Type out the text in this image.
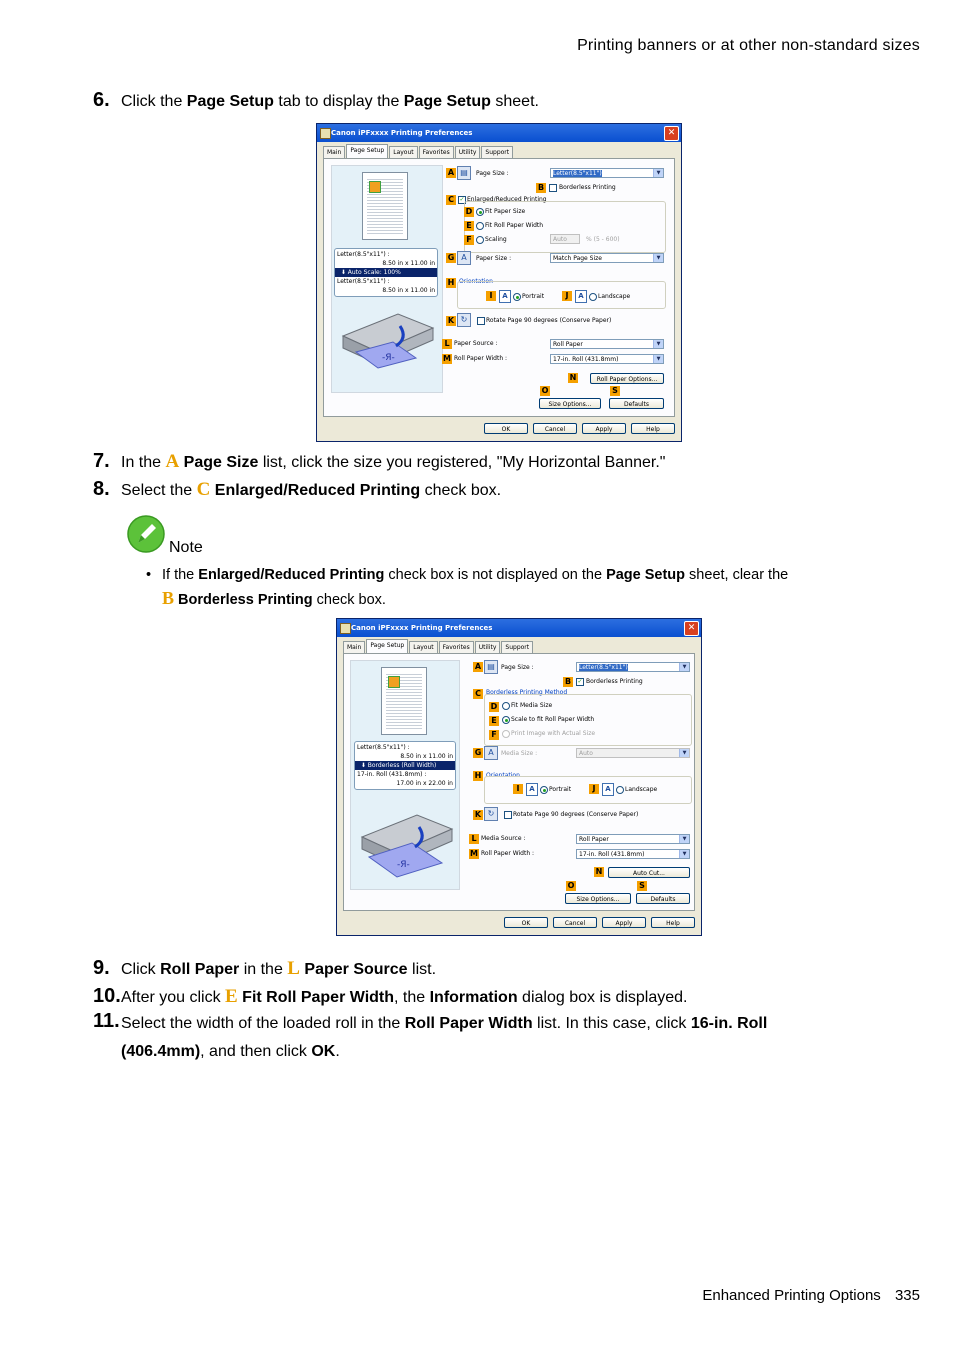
Printing banners or at other non-standard sizes
Enhanced Printing Options 335
6. Click the Page Setup tab to display the Page Setup sheet.
Canon iPFxxxx Printing Preferences	✕
Main	Page Setup	Layout	Favorites	Utility	Support
Letter(8.5"x11") :
8.50 in x 11.00 in
⬇ Auto Scale: 100%
Letter(8.5"x11") :
8.50 in x 11.00 in
-Я-
A ▤	Page Size :	Letter(8.5"x11")	▼
B	Borderless Printing
C ✓ Enlarged/Reduced Printing
D Fit Paper Size
E	Fit Roll Paper Width
F	Scaling	Auto	% (5 - 600)
G A	Paper Size :	Match Page Size	▼
H Orientation
I	A	Portrait	J	A	Landscape
K ↻	Rotate Page 90 degrees (Conserve Paper)
L Paper Source :	Roll Paper	▼
M Roll Paper Width :	17-in. Roll (431.8mm)	▼
N	Roll Paper Options...
O	S
Size Options...	Defaults
OK	Cancel	Apply	Help
7. In the A Page Size list, click the size you registered, "My Horizontal Banner."
8. Select the C Enlarged/Reduced Printing check box.
Note
• If the Enlarged/Reduced Printing check box is not displayed on the Page Setup sheet, clear the
B Borderless Printing check box.
Canon iPFxxxx Printing Preferences	✕
Main	Page Setup	Layout	Favorites	Utility	Support
Letter(8.5"x11") :
8.50 in x 11.00 in
⬇ Borderless (Roll Width)
17-in. Roll (431.8mm) :
17.00 in x 22.00 in
-Я-
A ▤	Page Size :	Letter(8.5"x11")	▼
B	✓ Borderless Printing
C Borderless Printing Method
D Fit Media Size
E	Scale to fit Roll Paper Width
F	Print Image with Actual Size
G A	Media Size :	Auto	▼
H Orientation
I	A	Portrait	J	A	Landscape
K ↻	Rotate Page 90 degrees (Conserve Paper)
L Media Source :	Roll Paper	▼
M Roll Paper Width :	17-in. Roll (431.8mm)	▼
N	Auto Cut...
O	S
Size Options...	Defaults
OK	Cancel	Apply	Help
9. Click Roll Paper in the L Paper Source list.
10.After you click E Fit Roll Paper Width, the Information dialog box is displayed.
11. Select the width of the loaded roll in the Roll Paper Width list. In this case, click 16-in. Roll
(406.4mm), and then click OK.
